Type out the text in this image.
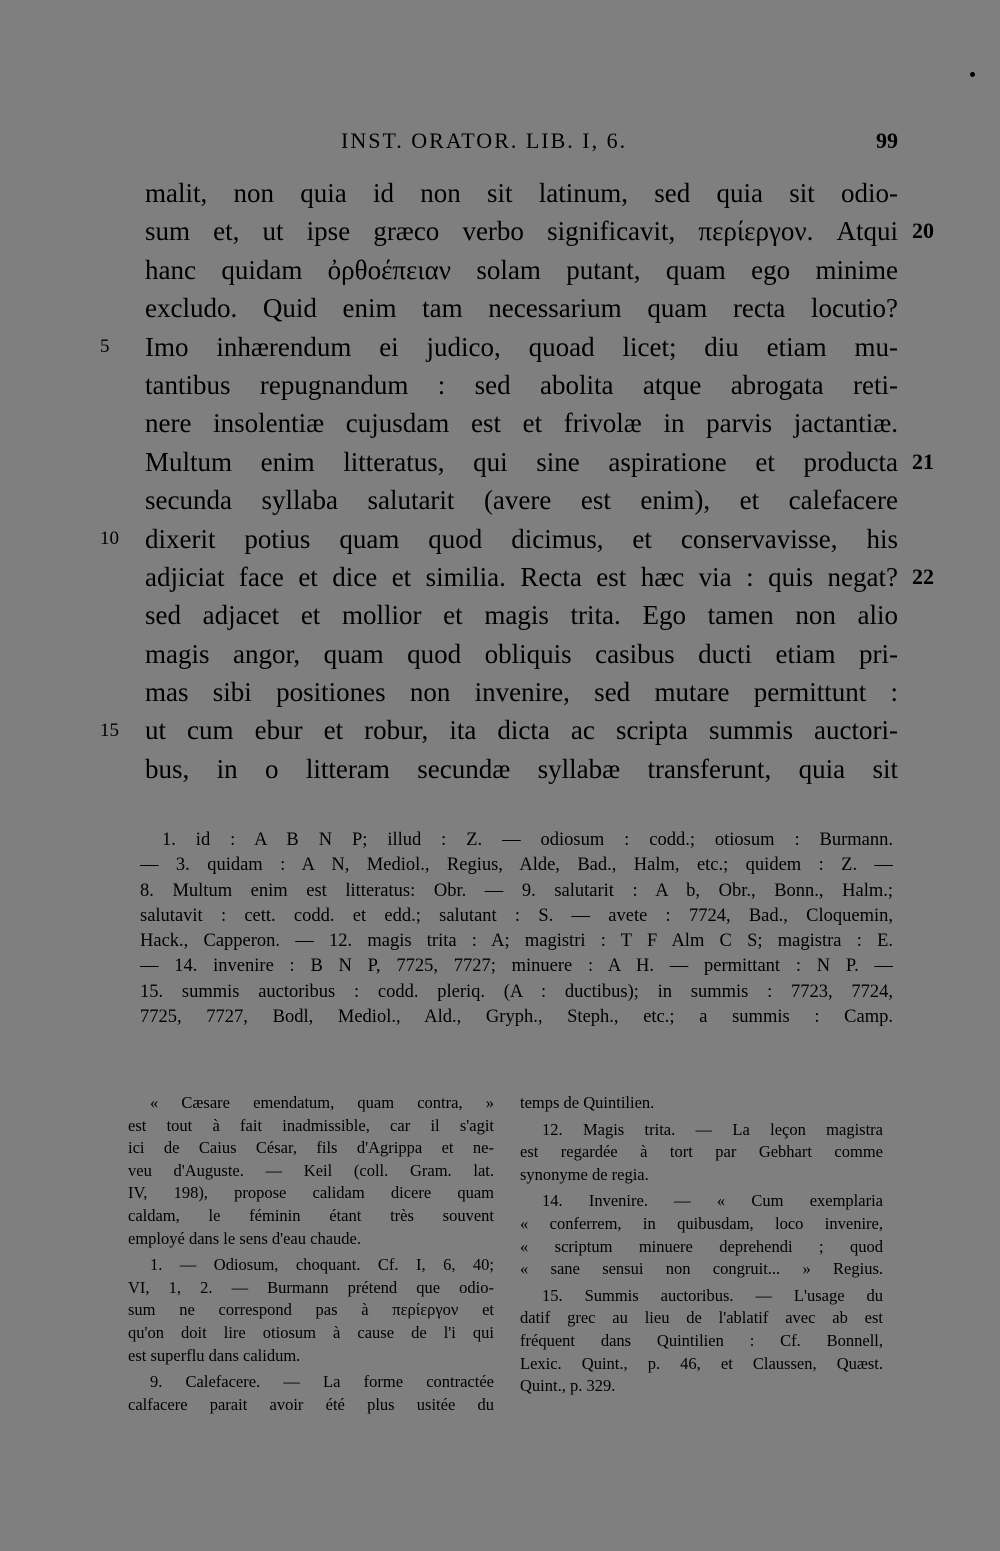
INST. ORATOR. LIB. I, 6.	99
5
10
15
20
21
22
malit, non quia id non sit latinum, sed quia sit odio-
sum et, ut ipse græco verbo significavit, περίεργον. Atqui
hanc quidam ὀρθοέπειαν solam putant, quam ego minime
excludo. Quid enim tam necessarium quam recta locutio?
Imo inhærendum ei judico, quoad licet; diu etiam mu-
tantibus repugnandum : sed abolita atque abrogata reti-
nere insolentiæ cujusdam est et frivolæ in parvis jactantiæ.
Multum enim litteratus, qui sine aspiratione et producta
secunda syllaba salutarit (avere est enim), et calefacere
dixerit potius quam quod dicimus, et conservavisse, his
adjiciat face et dice et similia. Recta est hæc via : quis negat?
sed adjacet et mollior et magis trita. Ego tamen non alio
magis angor, quam quod obliquis casibus ducti etiam pri-
mas sibi positiones non invenire, sed mutare permittunt :
ut cum ebur et robur, ita dicta ac scripta summis auctori-
bus, in o litteram secundæ syllabæ transferunt, quia sit
1. id : A B N P; illud : Z. — odiosum : codd.; otiosum : Burmann.
— 3. quidam : A N, Mediol., Regius, Alde, Bad., Halm, etc.; quidem : Z. —
8. Multum enim est litteratus: Obr. — 9. salutarit : A b, Obr., Bonn., Halm.;
salutavit : cett. codd. et edd.; salutant : S. — avete : 7724, Bad., Cloquemin,
Hack., Capperon. — 12. magis trita : A; magistri : T F Alm C S; magistra : E.
— 14. invenire : B N P, 7725, 7727; minuere : A H. — permittant : N P. —
15. summis auctoribus : codd. pleriq. (A : ductibus); in summis : 7723, 7724,
7725, 7727, Bodl, Mediol., Ald., Gryph., Steph., etc.; a summis : Camp.
« Cæsare emendatum, quam contra, »
est tout à fait inadmissible, car il s'agit
ici de Caius César, fils d'Agrippa et ne-
veu d'Auguste. — Keil (coll. Gram. lat.
IV, 198), propose calidam dicere quam
caldam, le féminin étant très souvent
employé dans le sens d'eau chaude.
1. — Odiosum, choquant. Cf. I, 6, 40;
VI, 1, 2. — Burmann prétend que odio-
sum ne correspond pas à περίεργον et
qu'on doit lire otiosum à cause de l'i qui
est superflu dans calidum.
9. Calefacere. — La forme contractée
calfacere parait avoir été plus usitée du
temps de Quintilien.
12. Magis trita. — La leçon magistra
est regardée à tort par Gebhart comme
synonyme de regia.
14. Invenire. — « Cum exemplaria
« conferrem, in quibusdam, loco invenire,
« scriptum minuere deprehendi ; quod
« sane sensui non congruit... » Regius.
15. Summis auctoribus. — L'usage du
datif grec au lieu de l'ablatif avec ab est
fréquent dans Quintilien : Cf. Bonnell,
Lexic. Quint., p. 46, et Claussen, Quæst.
Quint., p. 329.
